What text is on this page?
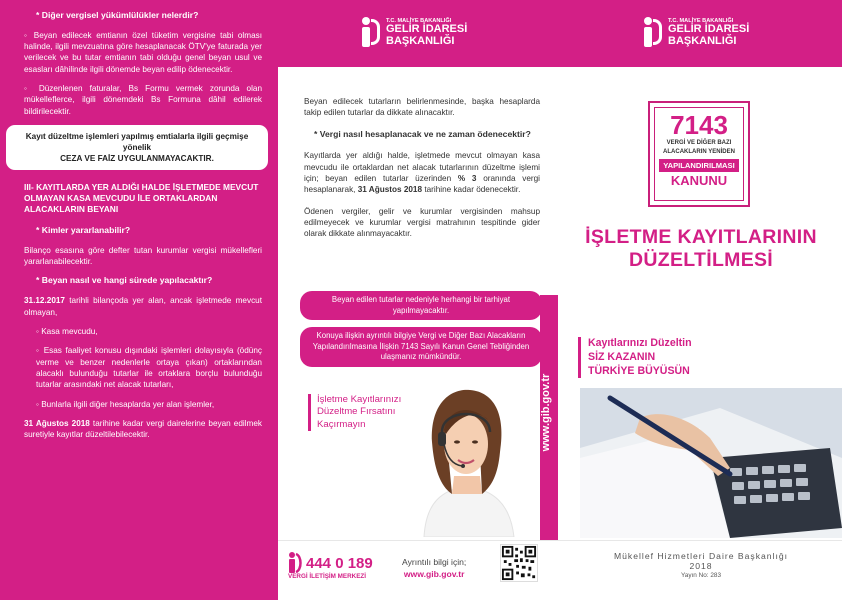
* Diğer vergisel yükümlülükler nelerdir?
◦ Beyan edilecek emtianın özel tüketim vergisine tabi olması halinde, ilgili mevzuatına göre hesaplanacak ÖTV'ye faturada yer verilecek ve bu tutar emtianın tabi olduğu genel beyan usul ve esasları dâhilinde ilgili dönemde beyan edilip ödenecektir.
◦ Düzenlenen faturalar, Bs Formu vermek zorunda olan mükelleflerce, ilgili dönemdeki Bs Formuna dâhil edilerek bildirilecektir.
Kayıt düzeltme işlemleri yapılmış emtialarla ilgili geçmişe yönelik
CEZA VE FAİZ UYGULANMAYACAKTIR.
III- KAYITLARDA YER ALDIĞI HALDE İŞLETMEDE MEVCUT OLMAYAN KASA MEVCUDU İLE ORTAKLARDAN ALACAKLARIN BEYANI
* Kimler yararlanabilir?
Bilanço esasına göre defter tutan kurumlar vergisi mükellefleri yararlanabilecektir.
* Beyan nasıl ve hangi sürede yapılacaktır?
31.12.2017 tarihli bilançoda yer alan, ancak işletmede mevcut olmayan,
◦ Kasa mevcudu,
◦ Esas faaliyet konusu dışındaki işlemleri dolayısıyla (ödünç verme ve benzer nedenlerle ortaya çıkan) ortaklarından alacaklı bulunduğu tutarlar ile ortaklara borçlu bulunduğu tutarlar arasındaki net alacak tutarları,
◦ Bunlarla ilgili diğer hesaplarda yer alan işlemler,
31 Ağustos 2018 tarihine kadar vergi dairelerine beyan edilmek suretiyle kayıtlar düzeltilebilecektir.
T.C. MALİYE BAKANLIĞI
GELİR İDARESİ
BAŞKANLIĞI
Beyan edilecek tutarların belirlenmesinde, başka hesaplarda takip edilen tutarlar da dikkate alınacaktır.
* Vergi nasıl hesaplanacak ve ne zaman ödenecektir?
Kayıtlarda yer aldığı halde, işletmede mevcut olmayan kasa mevcudu ile ortaklardan net alacak tutarlarının düzeltme işlemi için; beyan edilen tutarlar üzerinden % 3 oranında vergi hesaplanarak, 31 Ağustos 2018 tarihine kadar ödenecektir.
Ödenen vergiler, gelir ve kurumlar vergisinden mahsup edilmeyecek ve kurumlar vergisi matrahının tespitinde gider olarak dikkate alınmayacaktır.
Beyan edilen tutarlar nedeniyle herhangi bir tarhiyat yapılmayacaktır.
Konuya ilişkin ayrıntılı bilgiye Vergi ve Diğer Bazı Alacakların Yapılandırılmasına İlişkin 7143 Sayılı Kanun Genel Tebliğinden ulaşmanız mümkündür.
İşletme Kayıtlarınızı
Düzeltme Fırsatını
Kaçırmayın	www.gib.gov.tr
444 0 189
VERGİ İLETİŞİM MERKEZİ
Ayrıntılı bilgi için;
www.gib.gov.tr
T.C. MALİYE BAKANLIĞI
GELİR İDARESİ
BAŞKANLIĞI
7143
VERGİ VE DİĞER BAZI
ALACAKLARIN YENİDEN
YAPILANDIRILMASI
KANUNU
İŞLETME KAYITLARININ
DÜZELTİLMESİ
Kayıtlarınızı Düzeltin
SİZ KAZANIN
TÜRKİYE BÜYÜSÜN
Mükellef Hizmetleri Daire Başkanlığı
2018
Yayın No: 283
